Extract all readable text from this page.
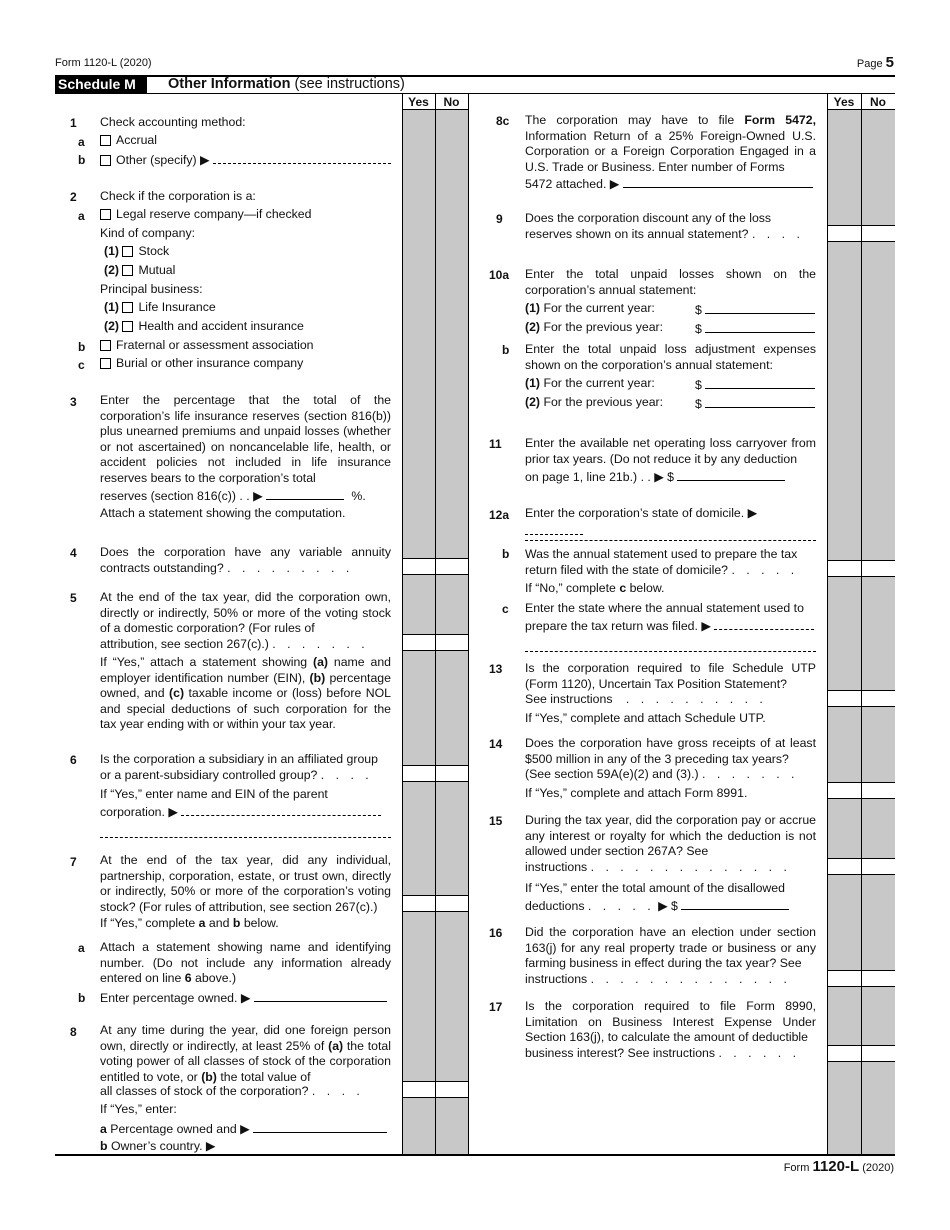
Form 1120-L (2020)	Page 5
Schedule M	Other Information (see instructions)
Yes	No	Yes	No
1 Check accounting method:
a	Accrual
b	Other (specify) ▶
2 Check if the corporation is a:
a	Legal reserve company—if checked
Kind of company:
(1) Stock
(2) Mutual
Principal business:
(1) Life Insurance
(2) Health and accident insurance
b	Fraternal or assessment association
c	Burial or other insurance company
3 Enter the percentage that the total of the corporation’s life insurance reserves (section 816(b)) plus unearned premiums and unpaid losses (whether or not ascertained) on noncancelable life, health, or accident policies not included in life insurance reserves bears to the corporation’s total
reserves (section 816(c)) . . ▶	%.
Attach a statement showing the computation.
4 Does the corporation have any variable annuity contracts outstanding? . . . . . . . . .
5 At the end of the tax year, did the corporation own, directly or indirectly, 50% or more of the voting stock of a domestic corporation? (For rules of
attribution, see section 267(c).) . . . . . . .
If “Yes,” attach a statement showing (a) name and employer identification number (EIN), (b) percentage owned, and (c) taxable income or (loss) before NOL and special deductions of such corporation for the tax year ending with or within your tax year.
6 Is the corporation a subsidiary in an affiliated group
or a parent-subsidiary controlled group? . . . .
If “Yes,” enter name and EIN of the parent
corporation. ▶
7 At the end of the tax year, did any individual, partnership, corporation, estate, or trust own, directly or indirectly, 50% or more of the corporation’s voting stock? (For rules of attribution, see section 267(c).)
If “Yes,” complete a and b below.
a Attach a statement showing name and identifying number. (Do not include any information already entered on line 6 above.)
b Enter percentage owned. ▶
8 At any time during the year, did one foreign person own, directly or indirectly, at least 25% of (a) the total voting power of all classes of stock of the corporation entitled to vote, or (b) the total value of
all classes of stock of the corporation? . . . .
If “Yes,” enter:
a Percentage owned and ▶
b Owner’s country. ▶
8c The corporation may have to file Form 5472, Information Return of a 25% Foreign-Owned U.S. Corporation or a Foreign Corporation Engaged in a U.S. Trade or Business. Enter number of Forms
5472 attached. ▶
9 Does the corporation discount any of the loss
reserves shown on its annual statement? . . . .
10a Enter the total unpaid losses shown on the corporation’s annual statement:
(1) For the current year:	$
(2) For the previous year:	$
b Enter the total unpaid loss adjustment expenses shown on the corporation’s annual statement:
(1) For the current year:	$
(2) For the previous year:	$
11 Enter the available net operating loss carryover from prior tax years. (Do not reduce it by any deduction
on page 1, line 21b.) . . ▶ $
12a Enter the corporation’s state of domicile. ▶
b Was the annual statement used to prepare the tax
return filed with the state of domicile? . . . . .
If “No,” complete c below.
c Enter the state where the annual statement used to
prepare the tax return was filed. ▶
13 Is the corporation required to file Schedule UTP (Form 1120), Uncertain Tax Position Statement?
See instructions . . . . . . . . . .
If “Yes,” complete and attach Schedule UTP.
14 Does the corporation have gross receipts of at least $500 million in any of the 3 preceding tax years?
(See section 59A(e)(2) and (3).) . . . . . . .
If “Yes,” complete and attach Form 8991.
15 During the tax year, did the corporation pay or accrue any interest or royalty for which the deduction is not allowed under section 267A? See
instructions . . . . . . . . . . . . . .
If “Yes,” enter the total amount of the disallowed
deductions . . . . . ▶ $
16 Did the corporation have an election under section 163(j) for any real property trade or business or any farming business in effect during the tax year? See
instructions . . . . . . . . . . . . . .
17 Is the corporation required to file Form 8990, Limitation on Business Interest Expense Under Section 163(j), to calculate the amount of deductible
business interest? See instructions . . . . . .
Form 1120-L (2020)
